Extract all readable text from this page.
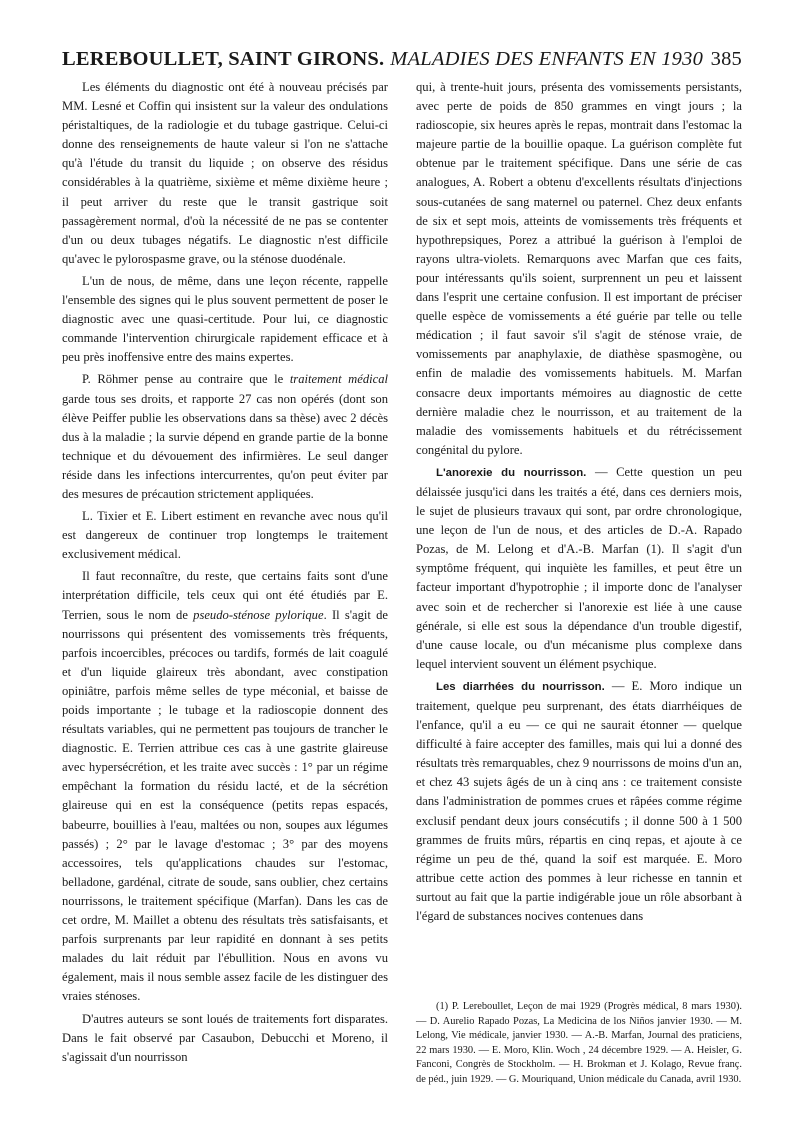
LEREBOULLET, SAINT GIRONS. MALADIES DES ENFANTS EN 1930 385

Les éléments du diagnostic ont été à nouveau précisés par MM. Lesné et Coffin qui insistent sur la valeur des ondulations péristaltiques, de la radiologie et du tubage gastrique. Celui-ci donne des renseignements de haute valeur si l'on ne s'attache qu'à l'étude du transit du liquide ; on observe des résidus considérables à la quatrième, sixième et même dixième heure ; il peut arriver du reste que le transit gastrique soit passagèrement normal, d'où la nécessité de ne pas se contenter d'un ou deux tubages négatifs. Le diagnostic n'est difficile qu'avec le pylorospasme grave, ou la sténose duodénale.

L'un de nous, de même, dans une leçon récente, rappelle l'ensemble des signes qui le plus souvent permettent de poser le diagnostic avec une quasi-certitude. Pour lui, ce diagnostic commande l'intervention chirurgicale rapidement efficace et à peu près inoffensive entre des mains expertes.

P. Röhmer pense au contraire que le traitement médical garde tous ses droits, et rapporte 27 cas non opérés (dont son élève Peiffer publie les observations dans sa thèse) avec 2 décès dus à la maladie ; la survie dépend en grande partie de la bonne technique et du dévouement des infirmières. Le seul danger réside dans les infections intercurrentes, qu'on peut éviter par des mesures de précaution strictement appliquées.

L. Tixier et E. Libert estiment en revanche avec nous qu'il est dangereux de continuer trop longtemps le traitement exclusivement médical.

Il faut reconnaître, du reste, que certains faits sont d'une interprétation difficile, tels ceux qui ont été étudiés par E. Terrien, sous le nom de pseudo-sténose pylorique. Il s'agit de nourrissons qui présentent des vomissements très fréquents, parfois incoercibles, précoces ou tardifs, formés de lait coagulé et d'un liquide glaireux très abondant, avec constipation opiniâtre, parfois même selles de type méconial, et baisse de poids importante ; le tubage et la radioscopie donnent des résultats variables, qui ne permettent pas toujours de trancher le diagnostic. E. Terrien attribue ces cas à une gastrite glaireuse avec hypersécrétion, et les traite avec succès : 1° par un régime empêchant la formation du résidu lacté, et de la sécrétion glaireuse qui en est la conséquence (petits repas espacés, babeurre, bouillies à l'eau, maltées ou non, soupes aux légumes passés) ; 2° par le lavage d'estomac ; 3° par des moyens accessoires, tels qu'applications chaudes sur l'estomac, belladone, gardénal, citrate de soude, sans oublier, chez certains nourrissons, le traitement spécifique (Marfan). Dans les cas de cet ordre, M. Maillet a obtenu des résultats très satisfaisants, et parfois surprenants par leur rapidité en donnant à ses petits malades du lait réduit par l'ébullition. Nous en avons vu également, mais il nous semble assez facile de les distinguer des vraies sténoses.

D'autres auteurs se sont loués de traitements fort disparates. Dans le fait observé par Casaubon, Debucchi et Moreno, il s'agissait d'un nourrisson

qui, à trente-huit jours, présenta des vomissements persistants, avec perte de poids de 850 grammes en vingt jours ; la radioscopie, six heures après le repas, montrait dans l'estomac la majeure partie de la bouillie opaque. La guérison complète fut obtenue par le traitement spécifique. Dans une série de cas analogues, A. Robert a obtenu d'excellents résultats d'injections sous-cutanées de sang maternel ou paternel. Chez deux enfants de six et sept mois, atteints de vomissements très fréquents et hypothrepsiques, Porez a attribué la guérison à l'emploi de rayons ultra-violets. Remarquons avec Marfan que ces faits, pour intéressants qu'ils soient, surprennent un peu et laissent dans l'esprit une certaine confusion. Il est important de préciser quelle espèce de vomissements a été guérie par telle ou telle médication ; il faut savoir s'il s'agit de sténose vraie, de vomissements par anaphylaxie, de diathèse spasmogène, ou enfin de maladie des vomissements habituels. M. Marfan consacre deux importants mémoires au diagnostic de cette dernière maladie chez le nourrisson, et au traitement de la maladie des vomissements habituels et du rétrécissement congénital du pylore.

L'anorexie du nourrisson. — Cette question un peu délaissée jusqu'ici dans les traités a été, dans ces derniers mois, le sujet de plusieurs travaux qui sont, par ordre chronologique, une leçon de l'un de nous, et des articles de D.-A. Rapado Pozas, de M. Lelong et d'A.-B. Marfan (1). Il s'agit d'un symptôme fréquent, qui inquiète les familles, et peut être un facteur important d'hypotrophie ; il importe donc de l'analyser avec soin et de rechercher si l'anorexie est liée à une cause générale, si elle est sous la dépendance d'un trouble digestif, d'une cause locale, ou d'un mécanisme plus complexe dans lequel intervient souvent un élément psychique.

Les diarrhées du nourrisson. — E. Moro indique un traitement, quelque peu surprenant, des états diarrhéiques de l'enfance, qu'il a eu — ce qui ne saurait étonner — quelque difficulté à faire accepter des familles, mais qui lui a donné des résultats très remarquables, chez 9 nourrissons de moins d'un an, et chez 43 sujets âgés de un à cinq ans : ce traitement consiste dans l'administration de pommes crues et râpées comme régime exclusif pendant deux jours consécutifs ; il donne 500 à 1 500 grammes de fruits mûrs, répartis en cinq repas, et ajoute à ce régime un peu de thé, quand la soif est marquée. E. Moro attribue cette action des pommes à leur richesse en tannin et surtout au fait que la partie indigérable joue un rôle absorbant à l'égard de substances nocives contenues dans

(1) P. Lereboullet, Leçon de mai 1929 (Progrès médical, 8 mars 1930). — D. Aurelio Rapado Pozas, La Medicina de los Niños janvier 1930. — M. Lelong, Vie médicale, janvier 1930. — A.-B. Marfan, Journal des praticiens, 22 mars 1930. — E. Moro, Klin. Woch , 24 décembre 1929. — A. Heisler, G. Fanconi, Congrès de Stockholm. — H. Brokman et J. Kolago, Revue franç. de péd., juin 1929. — G. Mouriquand, Union médicale du Canada, avril 1930.
